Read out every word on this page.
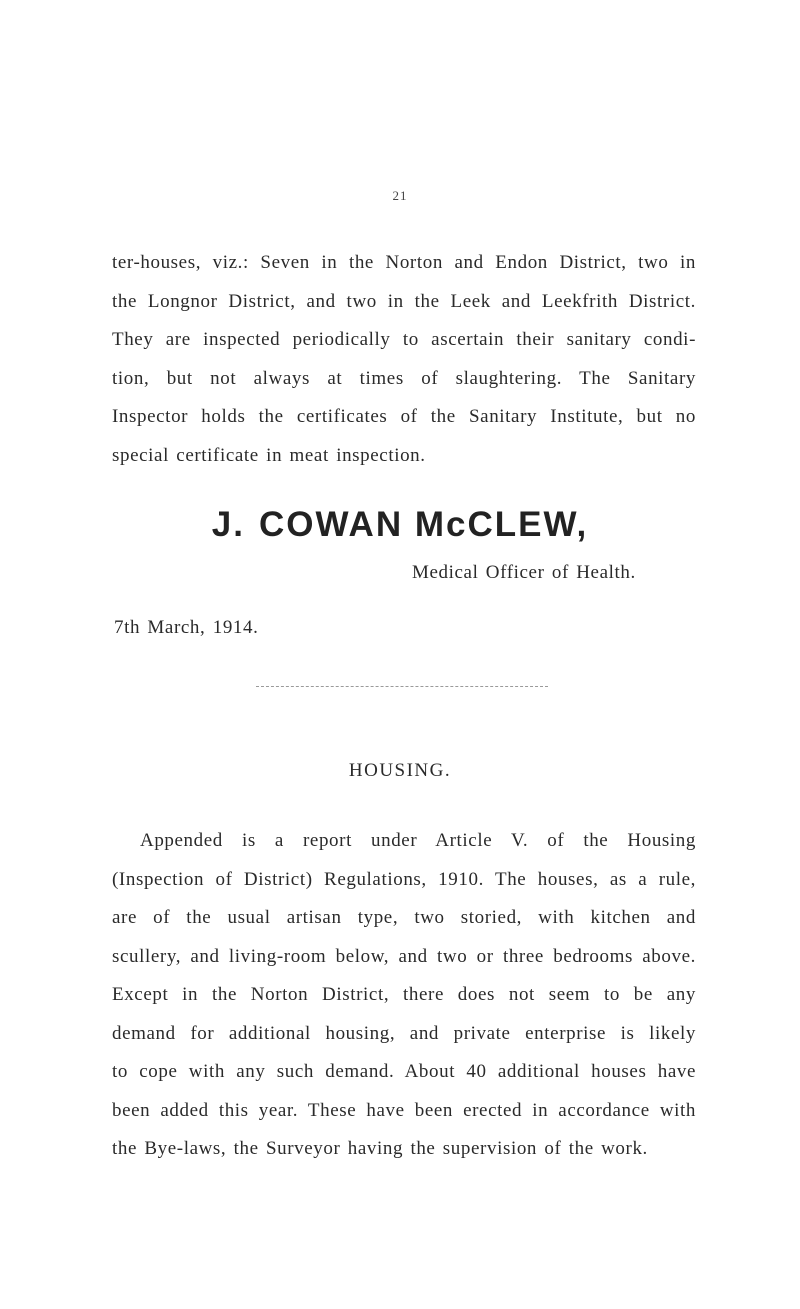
21

ter-houses, viz.: Seven in the Norton and Endon District, two in
the Longnor District, and two in the Leek and Leekfrith District.
They are inspected periodically to ascertain their sanitary condi-
tion, but not always at times of slaughtering. The Sanitary
Inspector holds the certificates of the Sanitary Institute, but no
special certificate in meat inspection.

J. COWAN McCLEW,

Medical Officer of Health.

7th March, 1914.

HOUSING.

Appended is a report under Article V. of the Housing
(Inspection of District) Regulations, 1910. The houses, as a rule,
are of the usual artisan type, two storied, with kitchen and
scullery, and living-room below, and two or three bedrooms above.
Except in the Norton District, there does not seem to be any
demand for additional housing, and private enterprise is likely
to cope with any such demand. About 40 additional houses have
been added this year. These have been erected in accordance with
the Bye-laws, the Surveyor having the supervision of the work.
